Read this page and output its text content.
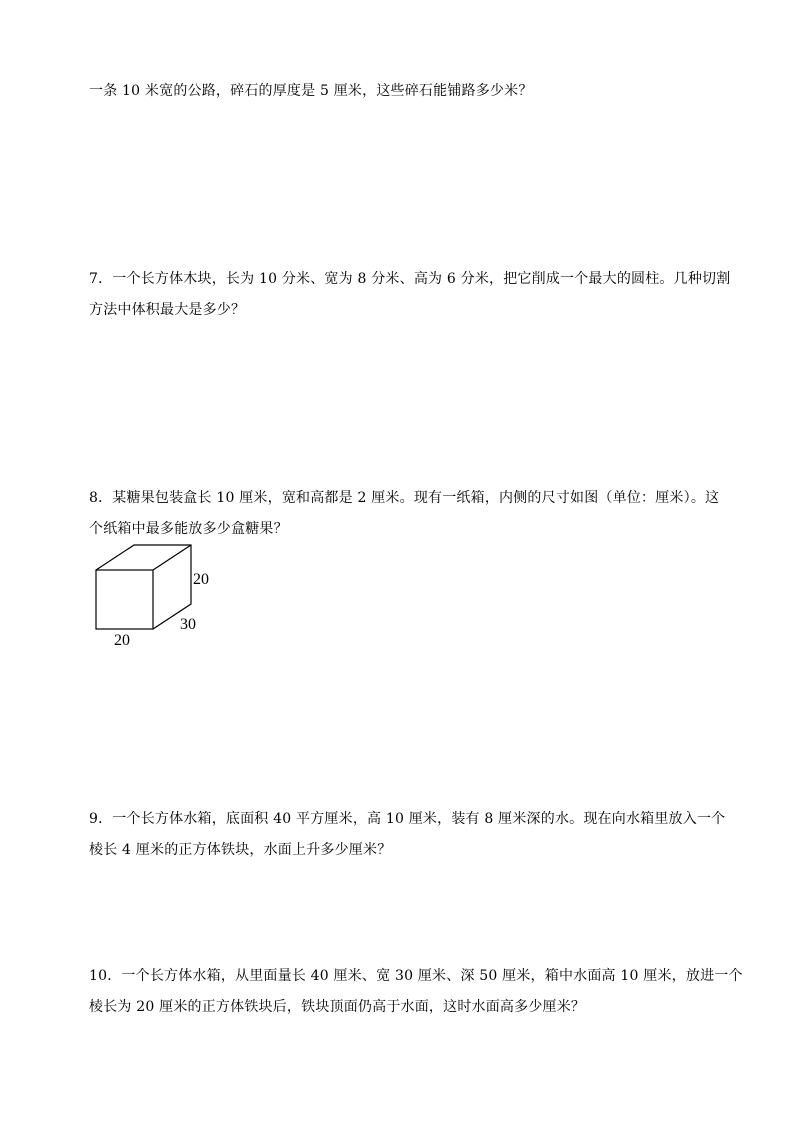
一条 10 米宽的公路，碎石的厚度是 5 厘米，这些碎石能铺路多少米？
7．一个长方体木块，长为 10 分米、宽为 8 分米、高为 6 分米，把它削成一个最大的圆柱。几种切割
方法中体积最大是多少？
8．某糖果包装盒长 10 厘米，宽和高都是 2 厘米。现有一纸箱，内侧的尺寸如图（单位：厘米）。这
个纸箱中最多能放多少盒糖果？
20
30
20
9．一个长方体水箱，底面积 40 平方厘米，高 10 厘米，装有 8 厘米深的水。现在向水箱里放入一个
棱长 4 厘米的正方体铁块，水面上升多少厘米？
10．一个长方体水箱，从里面量长 40 厘米、宽 30 厘米、深 50 厘米，箱中水面高 10 厘米，放进一个
棱长为 20 厘米的正方体铁块后，铁块顶面仍高于水面，这时水面高多少厘米？
